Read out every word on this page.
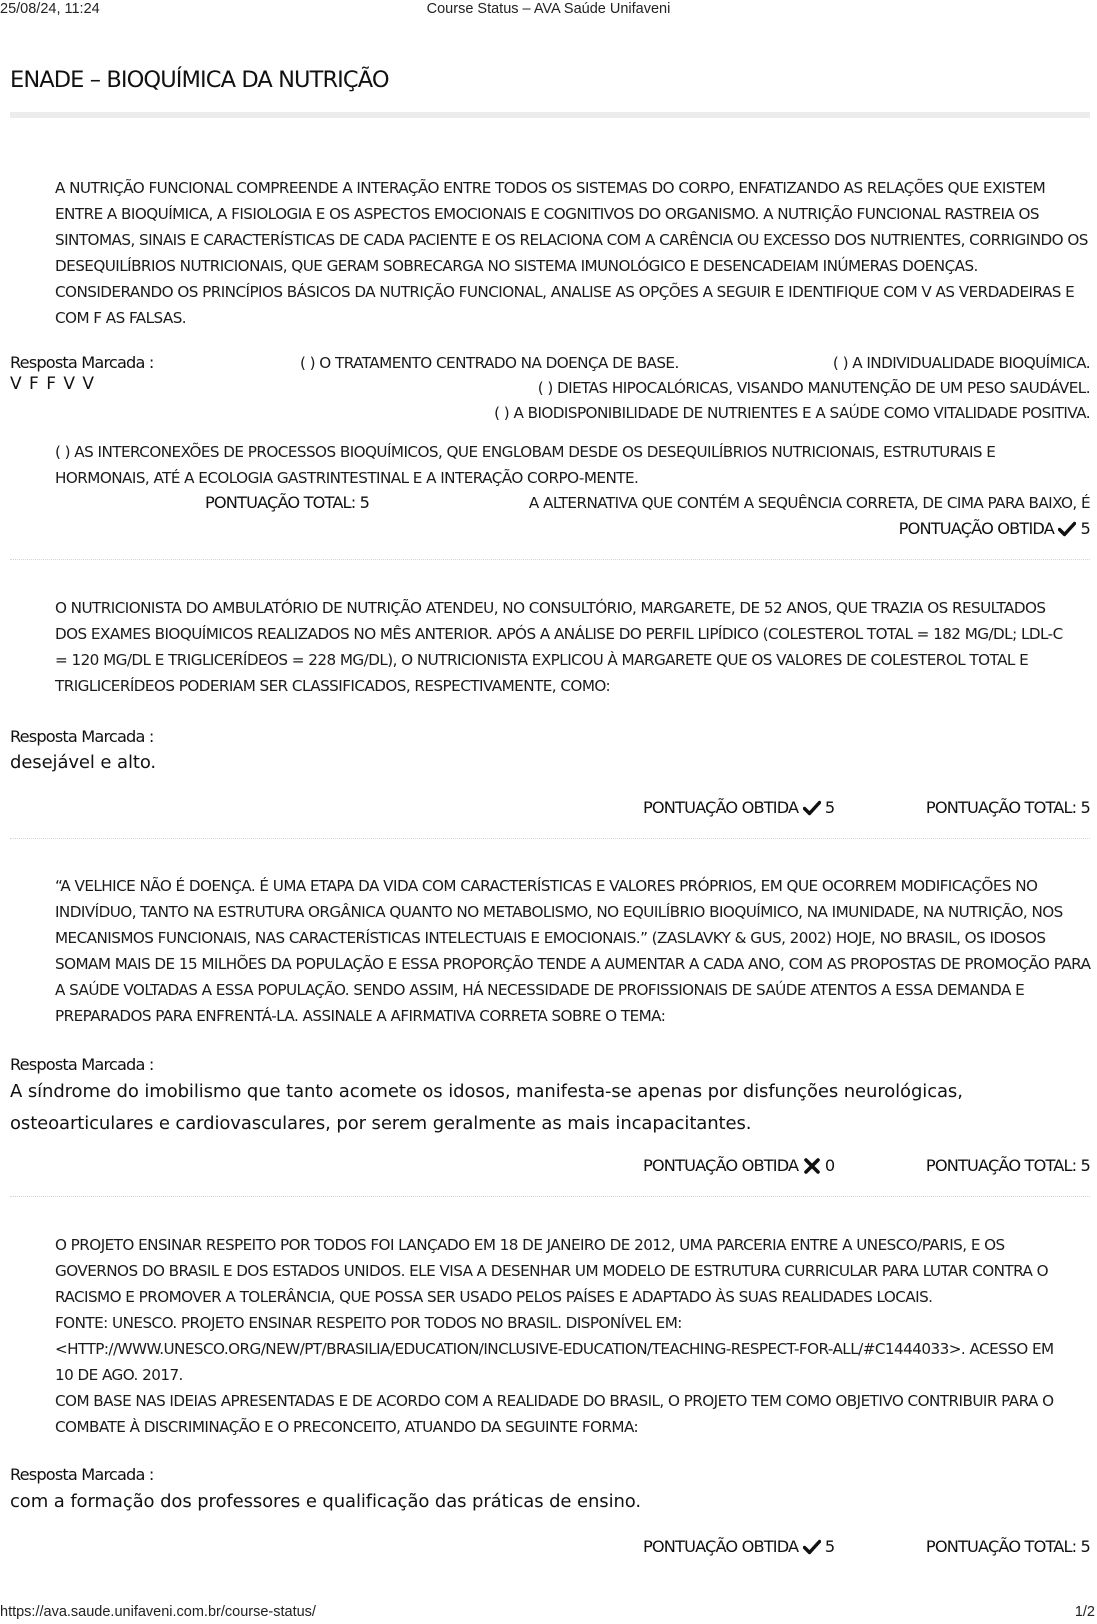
25/08/24, 11:24	Course Status – AVA Saúde Unifaveni
ENADE – BIOQUÍMICA DA NUTRIÇÃO

A NUTRIÇÃO FUNCIONAL COMPREENDE A INTERAÇÃO ENTRE TODOS OS SISTEMAS DO CORPO, ENFATIZANDO AS RELAÇÕES QUE EXISTEM ENTRE A BIOQUÍMICA, A FISIOLOGIA E OS ASPECTOS EMOCIONAIS E COGNITIVOS DO ORGANISMO. A NUTRIÇÃO FUNCIONAL RASTREIA OS SINTOMAS, SINAIS E CARACTERÍSTICAS DE CADA PACIENTE E OS RELACIONA COM A CARÊNCIA OU EXCESSO DOS NUTRIENTES, CORRIGINDO OS DESEQUILÍBRIOS NUTRICIONAIS, QUE GERAM SOBRECARGA NO SISTEMA IMUNOLÓGICO E DESENCADEIAM INÚMERAS DOENÇAS.

CONSIDERANDO OS PRINCÍPIOS BÁSICOS DA NUTRIÇÃO FUNCIONAL, ANALISE AS OPÇÕES A SEGUIR E IDENTIFIQUE COM V AS VERDADEIRAS E COM F AS FALSAS.

Resposta Marcada :	( ) O TRATAMENTO CENTRADO NA DOENÇA DE BASE.	( ) A INDIVIDUALIDADE BIOQUÍMICA.
V F F V V	( ) DIETAS HIPOCALÓRICAS, VISANDO MANUTENÇÃO DE UM PESO SAUDÁVEL.
( ) A BIODISPONIBILIDADE DE NUTRIENTES E A SAÚDE COMO VITALIDADE POSITIVA.

( ) AS INTERCONEXÕES DE PROCESSOS BIOQUÍMICOS, QUE ENGLOBAM DESDE OS DESEQUILÍBRIOS NUTRICIONAIS, ESTRUTURAIS E HORMONAIS, ATÉ A ECOLOGIA GASTRINTESTINAL E A INTERAÇÃO CORPO-MENTE.

PONTUAÇÃO TOTAL: 5	A ALTERNATIVA QUE CONTÉM A SEQUÊNCIA CORRETA, DE CIMA PARA BAIXO, É
PONTUAÇÃO OBTIDA 5

O NUTRICIONISTA DO AMBULATÓRIO DE NUTRIÇÃO ATENDEU, NO CONSULTÓRIO, MARGARETE, DE 52 ANOS, QUE TRAZIA OS RESULTADOS DOS EXAMES BIOQUÍMICOS REALIZADOS NO MÊS ANTERIOR. APÓS A ANÁLISE DO PERFIL LIPÍDICO (COLESTEROL TOTAL = 182 MG/DL; LDL-C = 120 MG/DL E TRIGLICERÍDEOS = 228 MG/DL), O NUTRICIONISTA EXPLICOU À MARGARETE QUE OS VALORES DE COLESTEROL TOTAL E TRIGLICERÍDEOS PODERIAM SER CLASSIFICADOS, RESPECTIVAMENTE, COMO:

Resposta Marcada :
desejável e alto.
PONTUAÇÃO OBTIDA 5	PONTUAÇÃO TOTAL: 5

“A VELHICE NÃO É DOENÇA. É UMA ETAPA DA VIDA COM CARACTERÍSTICAS E VALORES PRÓPRIOS, EM QUE OCORREM MODIFICAÇÕES NO INDIVÍDUO, TANTO NA ESTRUTURA ORGÂNICA QUANTO NO METABOLISMO, NO EQUILÍBRIO BIOQUÍMICO, NA IMUNIDADE, NA NUTRIÇÃO, NOS MECANISMOS FUNCIONAIS, NAS CARACTERÍSTICAS INTELECTUAIS E EMOCIONAIS.” (ZASLAVKY & GUS, 2002) HOJE, NO BRASIL, OS IDOSOS SOMAM MAIS DE 15 MILHÕES DA POPULAÇÃO E ESSA PROPORÇÃO TENDE A AUMENTAR A CADA ANO, COM AS PROPOSTAS DE PROMOÇÃO PARA A SAÚDE VOLTADAS A ESSA POPULAÇÃO. SENDO ASSIM, HÁ NECESSIDADE DE PROFISSIONAIS DE SAÚDE ATENTOS A ESSA DEMANDA E PREPARADOS PARA ENFRENTÁ-LA. ASSINALE A AFIRMATIVA CORRETA SOBRE O TEMA:

Resposta Marcada :
A síndrome do imobilismo que tanto acomete os idosos, manifesta-se apenas por disfunções neurológicas, osteoarticulares e cardiovasculares, por serem geralmente as mais incapacitantes.
PONTUAÇÃO OBTIDA 0	PONTUAÇÃO TOTAL: 5

O PROJETO ENSINAR RESPEITO POR TODOS FOI LANÇADO EM 18 DE JANEIRO DE 2012, UMA PARCERIA ENTRE A UNESCO/PARIS, E OS GOVERNOS DO BRASIL E DOS ESTADOS UNIDOS. ELE VISA A DESENHAR UM MODELO DE ESTRUTURA CURRICULAR PARA LUTAR CONTRA O RACISMO E PROMOVER A TOLERÂNCIA, QUE POSSA SER USADO PELOS PAÍSES E ADAPTADO ÀS SUAS REALIDADES LOCAIS.

FONTE: UNESCO. PROJETO ENSINAR RESPEITO POR TODOS NO BRASIL. DISPONÍVEL EM: <HTTP://WWW.UNESCO.ORG/NEW/PT/BRASILIA/EDUCATION/INCLUSIVE-EDUCATION/TEACHING-RESPECT-FOR-ALL/#C1444033>. ACESSO EM 10 DE AGO. 2017.

COM BASE NAS IDEIAS APRESENTADAS E DE ACORDO COM A REALIDADE DO BRASIL, O PROJETO TEM COMO OBJETIVO CONTRIBUIR PARA O COMBATE À DISCRIMINAÇÃO E O PRECONCEITO, ATUANDO DA SEGUINTE FORMA:

Resposta Marcada :
com a formação dos professores e qualificação das práticas de ensino.
PONTUAÇÃO OBTIDA 5	PONTUAÇÃO TOTAL: 5
https://ava.saude.unifaveni.com.br/course-status/	1/2
